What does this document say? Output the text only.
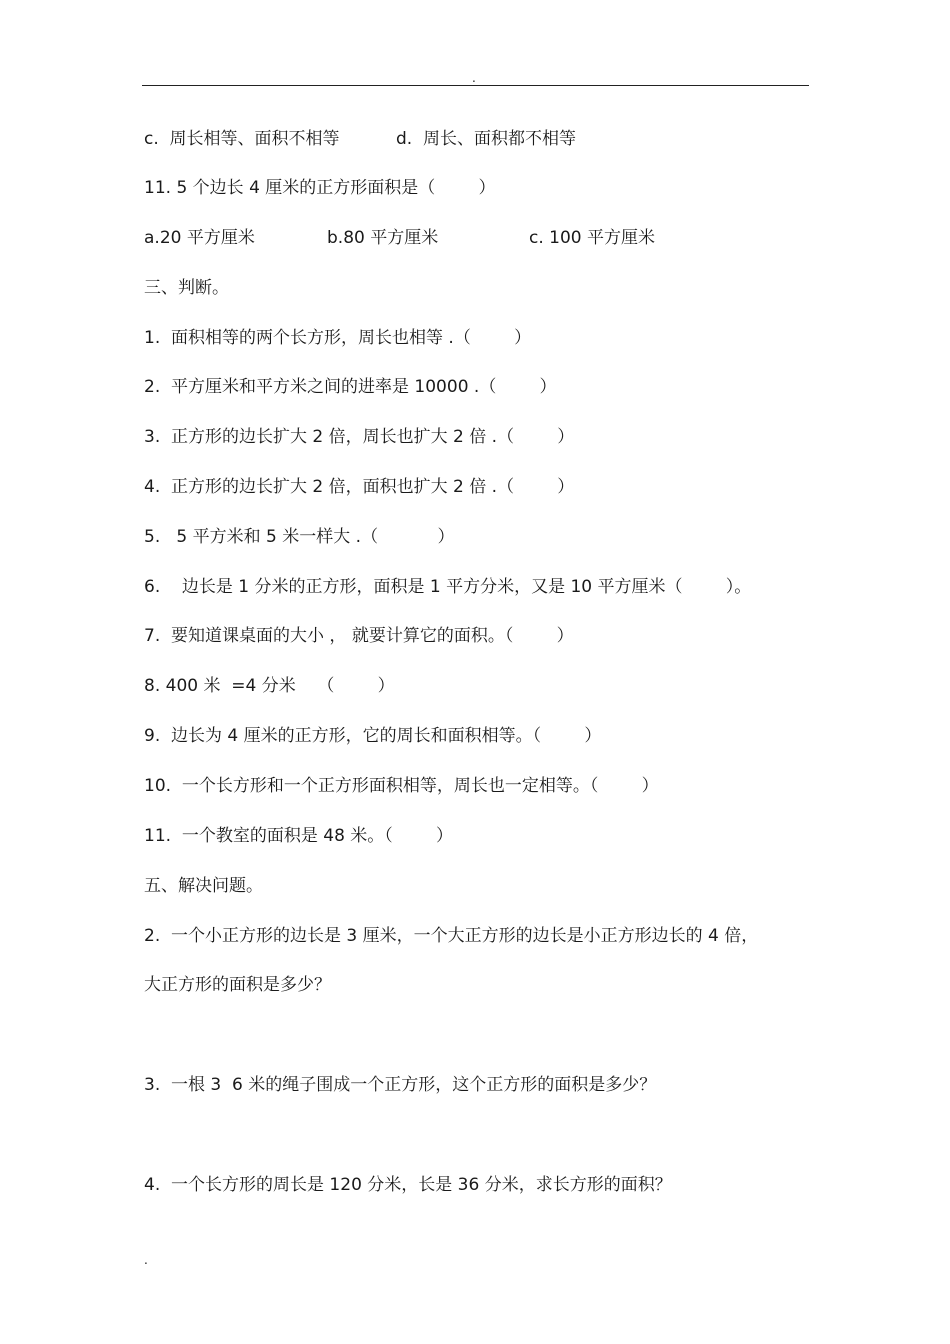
.
c.  周长相等、面积不相等	d.  周长、面积都不相等
11. 5 个边长 4 厘米的正方形面积是（        ）
a.20 平方厘米	b.80 平方厘米	c. 100 平方厘米
三、判断。
1.  面积相等的两个长方形，周长也相等 .（        ）
2.  平方厘米和平方米之间的进率是 10000 .（        ）
3.  正方形的边长扩大 2 倍，周长也扩大 2 倍 .（        ）
4.  正方形的边长扩大 2 倍，面积也扩大 2 倍 .（        ）
5.   5 平方米和 5 米一样大 .（           ）
6.    边长是 1 分米的正方形，面积是 1 平方分米，又是 10 平方厘米（        ）。
7.  要知道课桌面的大小 ， 就要计算它的面积。（        ）
8. 400 米  =4 分米    （        ）
9.  边长为 4 厘米的正方形，它的周长和面积相等。（        ）
10.  一个长方形和一个正方形面积相等，周长也一定相等。（        ）
11.  一个教室的面积是 48 米。（        ）
五、解决问题。
2.  一个小正方形的边长是 3 厘米，一个大正方形的边长是小正方形边长的 4 倍，
大正方形的面积是多少？
3.  一根 3  6 米的绳子围成一个正方形，这个正方形的面积是多少？
4.  一个长方形的周长是 120 分米，长是 36 分米，求长方形的面积？
.
